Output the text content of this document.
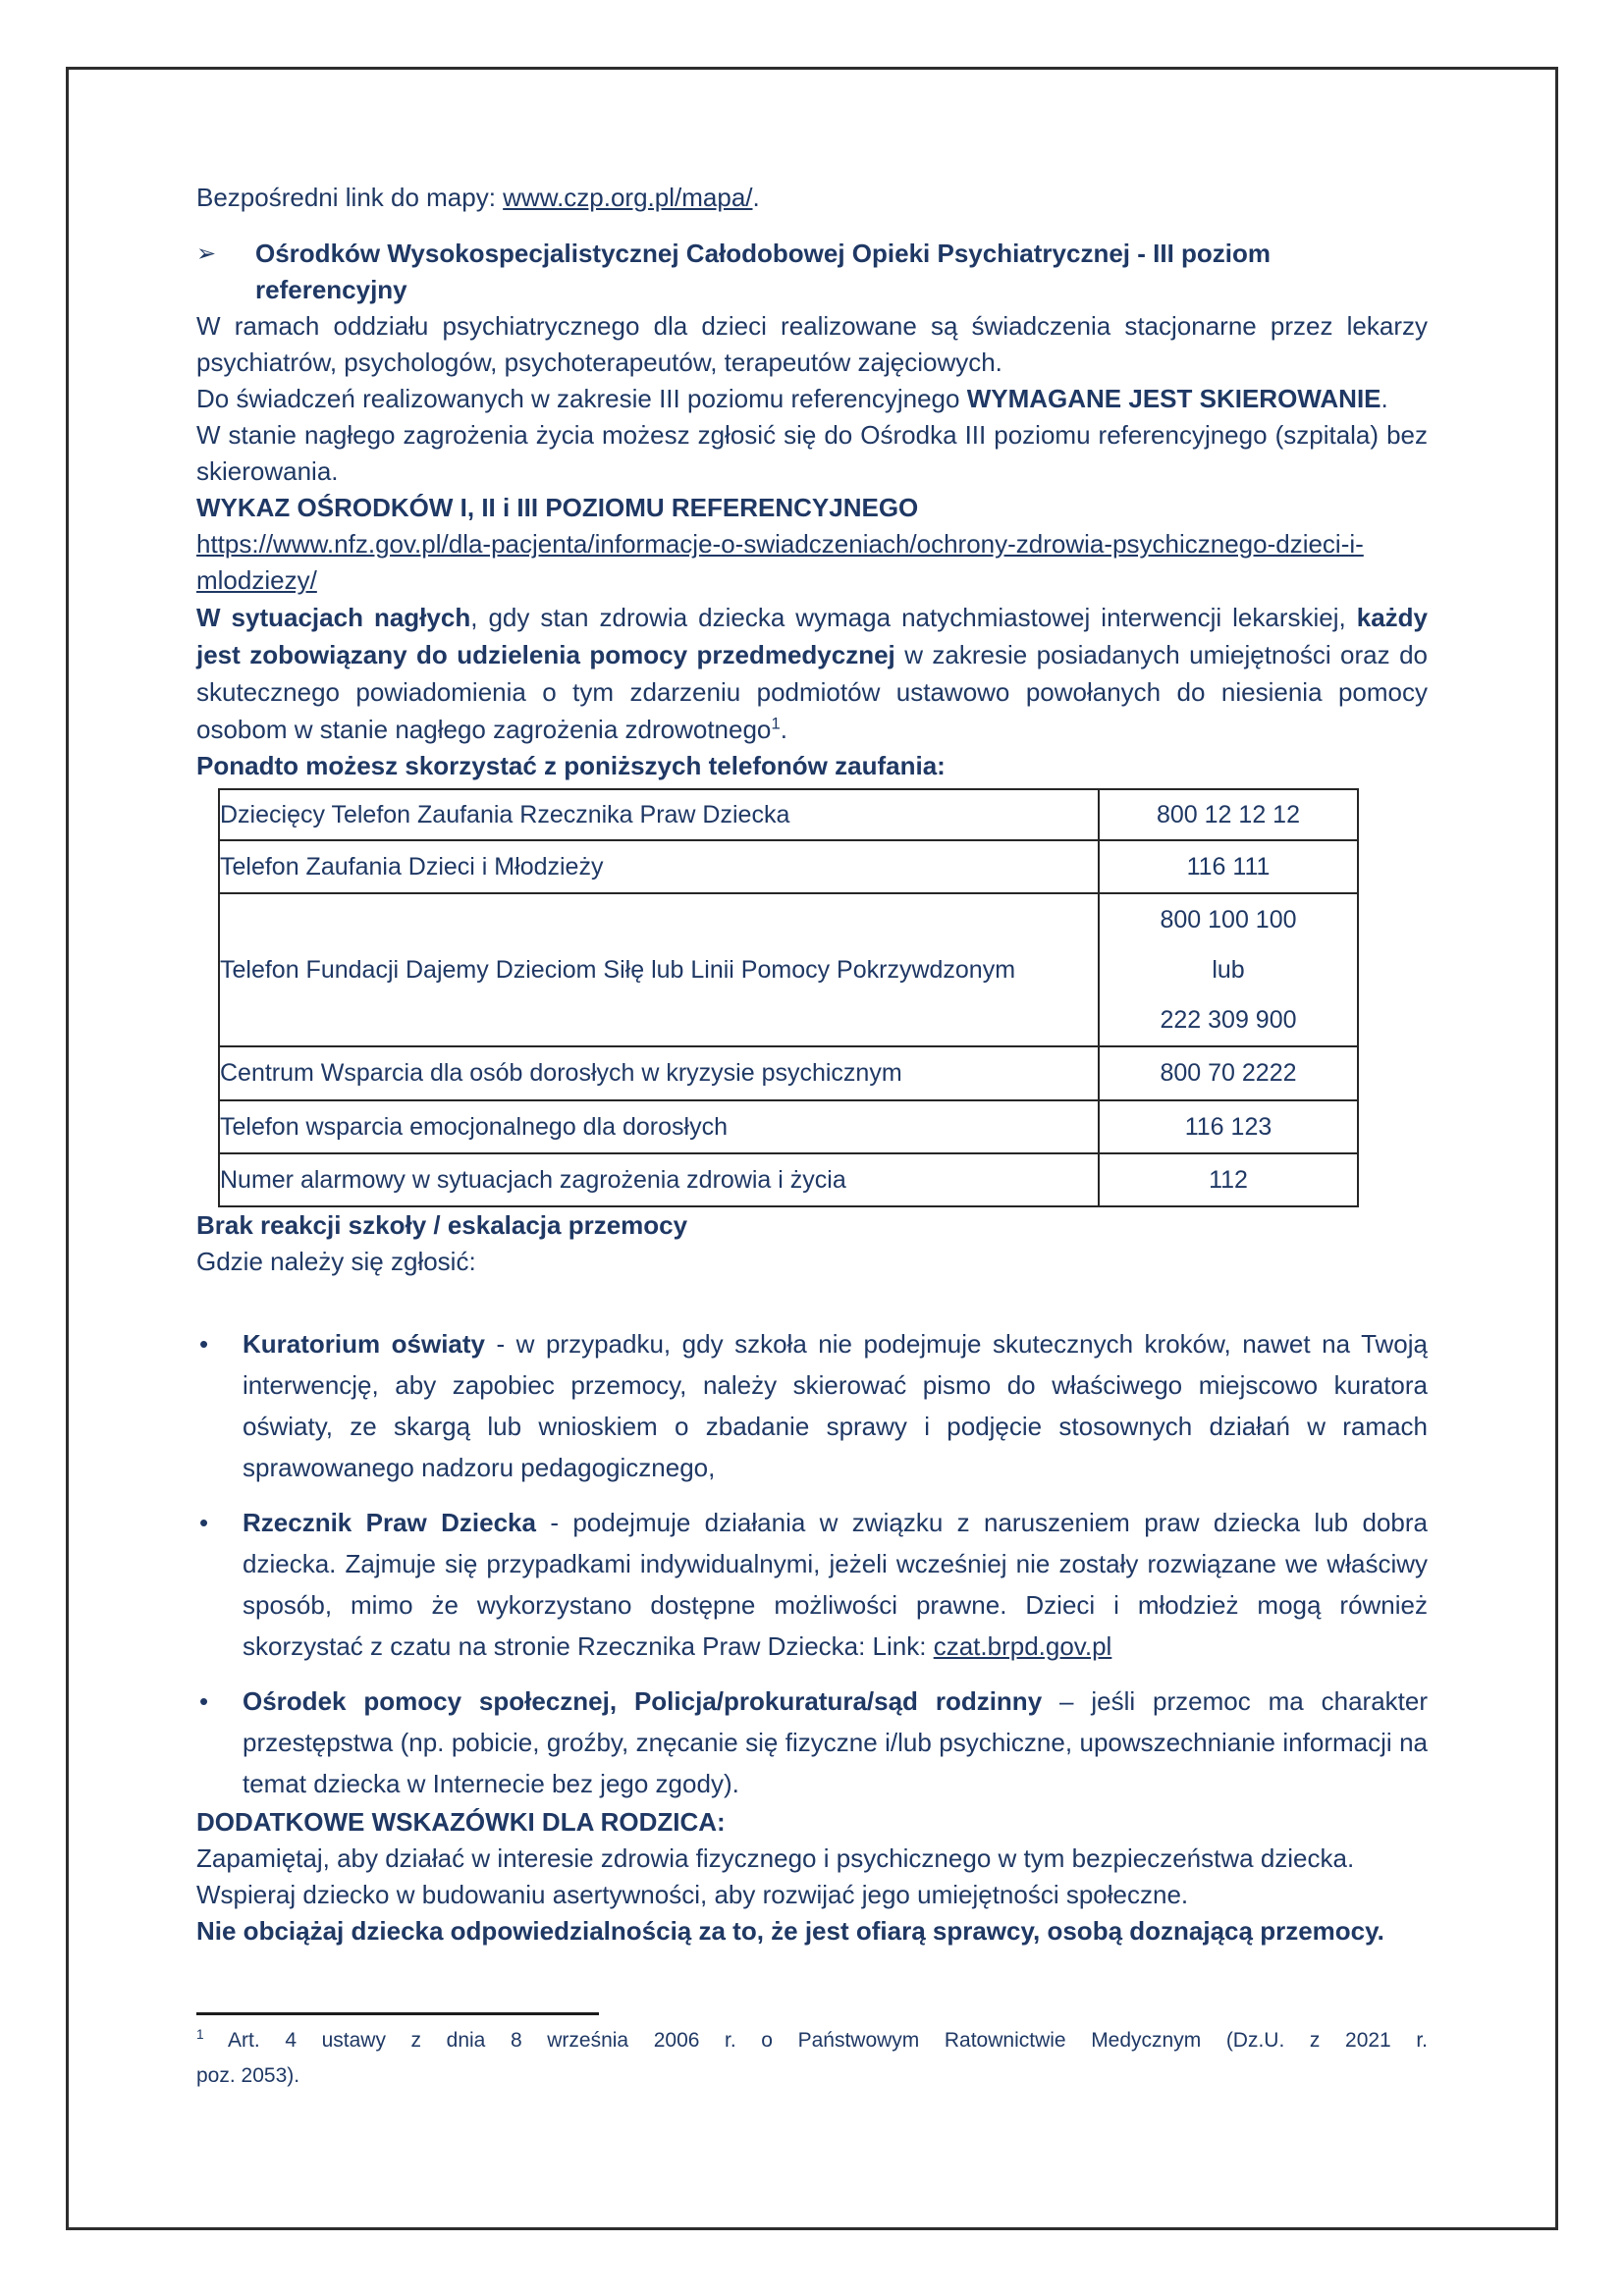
Bezpośredni link do mapy: www.czp.org.pl/mapa/.

➢	Ośrodków Wysokospecjalistycznej Całodobowej Opieki Psychiatrycznej - III poziom referencyjny

W ramach oddziału psychiatrycznego dla dzieci realizowane są świadczenia stacjonarne przez lekarzy psychiatrów, psychologów, psychoterapeutów, terapeutów zajęciowych.

Do świadczeń realizowanych w zakresie III poziomu referencyjnego WYMAGANE JEST SKIEROWANIE.

W stanie nagłego zagrożenia życia możesz zgłosić się do Ośrodka III poziomu referencyjnego (szpitala) bez skierowania.

WYKAZ OŚRODKÓW I, II i III POZIOMU REFERENCYJNEGO

https://www.nfz.gov.pl/dla-pacjenta/informacje-o-swiadczeniach/ochrony-zdrowia-psychicznego-dzieci-i-mlodziezy/

W sytuacjach nagłych, gdy stan zdrowia dziecka wymaga natychmiastowej interwencji lekarskiej, każdy jest zobowiązany do udzielenia pomocy przedmedycznej w zakresie posiadanych umiejętności oraz do skutecznego powiadomienia o tym zdarzeniu podmiotów ustawowo powołanych do niesienia pomocy osobom w stanie nagłego zagrożenia zdrowotnego$^1$.

Ponadto możesz skorzystać z poniższych telefonów zaufania:

Dziecięcy Telefon Zaufania Rzecznika Praw Dziecka	800 12 12 12
Telefon Zaufania Dzieci i Młodzieży	116 111
Telefon Fundacji Dajemy Dzieciom Siłę lub Linii Pomocy Pokrzywdzonym	800 100 100
lub
222 309 900

Centrum Wsparcia dla osób dorosłych w kryzysie psychicznym	800 70 2222
Telefon wsparcia emocjonalnego dla dorosłych	116 123
Numer alarmowy w sytuacjach zagrożenia zdrowia i życia	112

Brak reakcji szkoły / eskalacja przemocy

Gdzie należy się zgłosić:

•	Kuratorium oświaty - w przypadku, gdy szkoła nie podejmuje skutecznych kroków, nawet na Twoją interwencję, aby zapobiec przemocy, należy skierować pismo do właściwego miejscowo kuratora oświaty, ze skargą lub wnioskiem o zbadanie sprawy i podjęcie stosownych działań w ramach sprawowanego nadzoru pedagogicznego,
•	Rzecznik Praw Dziecka - podejmuje działania w związku z naruszeniem praw dziecka lub dobra dziecka. Zajmuje się przypadkami indywidualnymi, jeżeli wcześniej nie zostały rozwiązane we właściwy sposób, mimo że wykorzystano dostępne możliwości prawne. Dzieci i młodzież mogą również skorzystać z czatu na stronie Rzecznika Praw Dziecka: Link: czat.brpd.gov.pl
•	Ośrodek pomocy społecznej, Policja/prokuratura/sąd rodzinny – jeśli przemoc ma charakter przestępstwa (np. pobicie, groźby, znęcanie się fizyczne i/lub psychiczne, upowszechnianie informacji na temat dziecka w Internecie bez jego zgody).

DODATKOWE WSKAZÓWKI DLA RODZICA:

Zapamiętaj, aby działać w interesie zdrowia fizycznego i psychicznego w tym bezpieczeństwa dziecka.

Wspieraj dziecko w budowaniu asertywności, aby rozwijać jego umiejętności społeczne.

Nie obciążaj dziecka odpowiedzialnością za to, że jest ofiarą sprawcy, osobą doznającą przemocy.

$^1$ Art. 4 ustawy z dnia 8 września 2006 r. o Państwowym Ratownictwie Medycznym (Dz.U. z 2021 r.
poz. 2053).
